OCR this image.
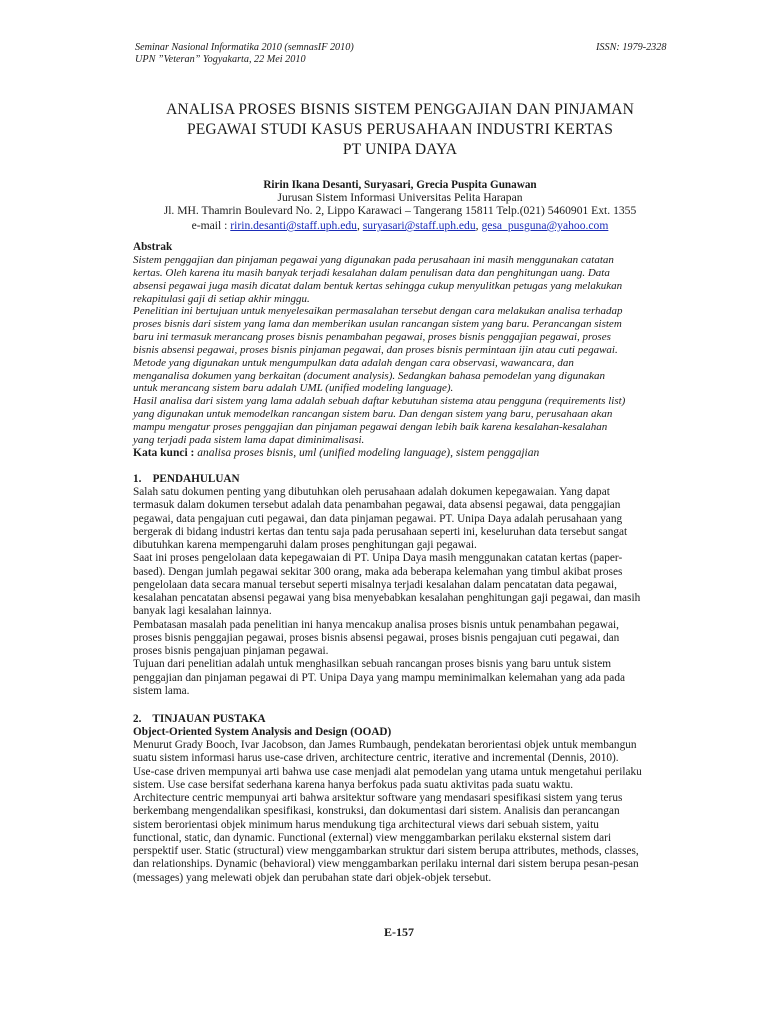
Seminar Nasional Informatika 2010 (semnasIF 2010)
UPN ”Veteran” Yogyakarta, 22 Mei 2010
ISSN: 1979-2328
ANALISA PROSES BISNIS SISTEM PENGGAJIAN DAN PINJAMAN
PEGAWAI STUDI KASUS PERUSAHAAN INDUSTRI KERTAS
PT UNIPA DAYA
Ririn Ikana Desanti, Suryasari, Grecia Puspita Gunawan
Jurusan Sistem Informasi Universitas Pelita Harapan
Jl. MH. Thamrin Boulevard No. 2, Lippo Karawaci – Tangerang 15811 Telp.(021) 5460901 Ext. 1355
e-mail : ririn.desanti@staff.uph.edu, suryasari@staff.uph.edu, gesa_pusguna@yahoo.com
Abstrak
Sistem penggajian dan pinjaman pegawai yang digunakan pada perusahaan ini masih menggunakan catatan
kertas. Oleh karena itu masih banyak terjadi kesalahan dalam penulisan data dan penghitungan uang. Data
absensi pegawai juga masih dicatat dalam bentuk kertas sehingga cukup menyulitkan petugas yang melakukan
rekapitulasi gaji di setiap akhir minggu.
Penelitian ini bertujuan untuk menyelesaikan permasalahan tersebut dengan cara melakukan analisa terhadap
proses bisnis dari sistem yang lama dan memberikan usulan rancangan sistem yang baru. Perancangan sistem
baru ini termasuk merancang proses bisnis penambahan pegawai, proses bisnis penggajian pegawai, proses
bisnis absensi pegawai, proses bisnis pinjaman pegawai, dan proses bisnis permintaan ijin atau cuti pegawai.
Metode yang digunakan untuk mengumpulkan data adalah dengan cara observasi, wawancara, dan
menganalisa dokumen yang berkaitan (document analysis). Sedangkan bahasa pemodelan yang digunakan
untuk merancang sistem baru adalah UML (unified modeling language).
Hasil analisa dari sistem yang lama adalah sebuah daftar kebutuhan sistema atau pengguna (requirements list)
yang digunakan untuk memodelkan rancangan sistem baru. Dan dengan sistem yang baru, perusahaan akan
mampu mengatur proses penggajian dan pinjaman pegawai dengan lebih baik karena kesalahan-kesalahan
yang terjadi pada sistem lama dapat diminimalisasi.
Kata kunci : analisa proses bisnis, uml (unified modeling language), sistem penggajian
1.    PENDAHULUAN
Salah satu dokumen penting yang dibutuhkan oleh perusahaan adalah dokumen kepegawaian. Yang dapat
termasuk dalam dokumen tersebut adalah data penambahan pegawai, data absensi pegawai, data penggajian
pegawai, data pengajuan cuti pegawai, dan data pinjaman pegawai. PT. Unipa Daya adalah perusahaan yang
bergerak di bidang industri kertas dan tentu saja pada perusahaan seperti ini, keseluruhan data tersebut sangat
dibutuhkan karena mempengaruhi dalam proses penghitungan gaji pegawai.
Saat ini proses pengelolaan data kepegawaian di PT. Unipa Daya masih menggunakan catatan kertas (paper-
based). Dengan jumlah pegawai sekitar 300 orang, maka ada beberapa kelemahan yang timbul akibat proses
pengelolaan data secara manual tersebut seperti misalnya terjadi kesalahan dalam pencatatan data pegawai,
kesalahan pencatatan absensi pegawai yang bisa menyebabkan kesalahan penghitungan gaji pegawai, dan masih
banyak lagi kesalahan lainnya.
Pembatasan masalah pada penelitian ini hanya mencakup analisa proses bisnis untuk penambahan pegawai,
proses bisnis penggajian pegawai, proses bisnis absensi pegawai, proses bisnis pengajuan cuti pegawai, dan
proses bisnis pengajuan pinjaman pegawai.
Tujuan dari penelitian adalah untuk menghasilkan sebuah rancangan proses bisnis yang baru untuk sistem
penggajian dan pinjaman pegawai di PT. Unipa Daya yang mampu meminimalkan kelemahan yang ada pada
sistem lama.
2.    TINJAUAN PUSTAKA
Object-Oriented System Analysis and Design (OOAD)
Menurut Grady Booch, Ivar Jacobson, dan James Rumbaugh, pendekatan berorientasi objek untuk membangun
suatu sistem informasi harus use-case driven, architecture centric, iterative and incremental (Dennis, 2010).
Use-case driven mempunyai arti bahwa use case menjadi alat pemodelan yang utama untuk mengetahui perilaku
sistem. Use case bersifat sederhana karena hanya berfokus pada suatu aktivitas pada suatu waktu.
Architecture centric mempunyai arti bahwa arsitektur software yang mendasari spesifikasi sistem yang terus
berkembang mengendalikan spesifikasi, konstruksi, dan dokumentasi dari sistem. Analisis dan perancangan
sistem berorientasi objek minimum harus mendukung tiga architectural views dari sebuah sistem, yaitu
functional, static, dan dynamic. Functional (external) view menggambarkan perilaku eksternal sistem dari
perspektif user. Static (structural) view menggambarkan struktur dari sistem berupa attributes, methods, classes,
dan relationships. Dynamic (behavioral) view menggambarkan perilaku internal dari sistem berupa pesan-pesan
(messages) yang melewati objek dan perubahan state dari objek-objek tersebut.
E-157
